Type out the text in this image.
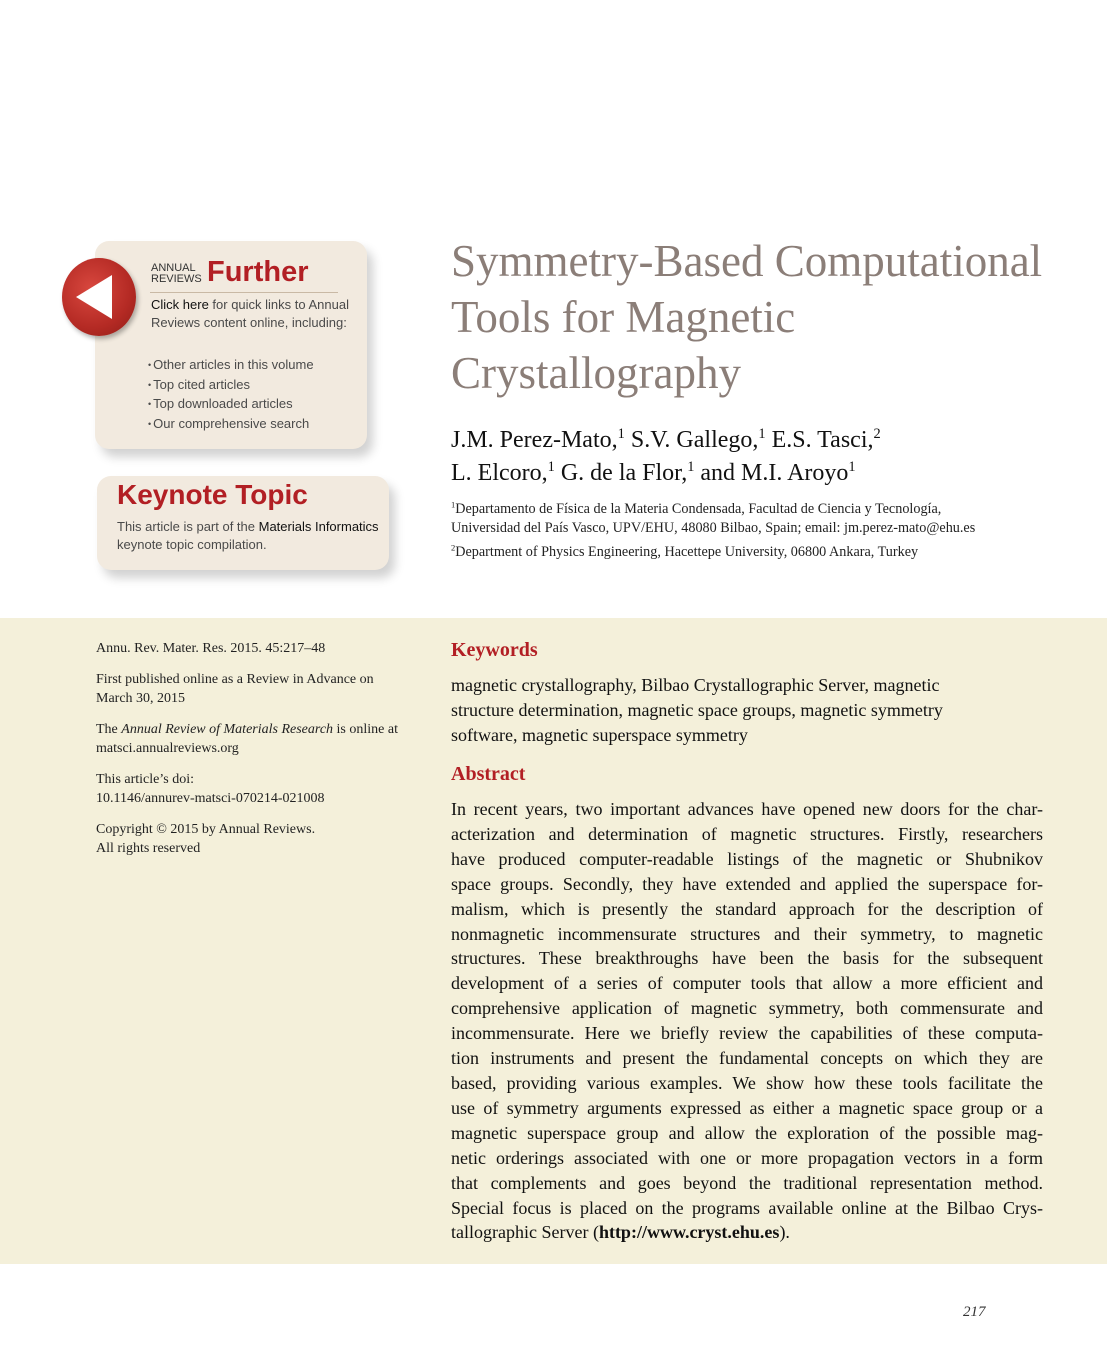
ANNUAL
REVIEWS Further
Click here for quick links to Annual Reviews content online, including:
• Other articles in this volume
• Top cited articles
• Top downloaded articles
• Our comprehensive search
Keynote Topic
This article is part of the Materials Informatics keynote topic compilation.
Symmetry-Based Computational Tools for Magnetic Crystallography
J.M. Perez-Mato,$^1$ S.V. Gallego,$^1$ E.S. Tasci,$^2$
L. Elcoro,$^1$ G. de la Flor,$^1$ and M.I. Aroyo$^1$
$^1$Departamento de Física de la Materia Condensada, Facultad de Ciencia y Tecnología,
Universidad del País Vasco, UPV/EHU, 48080 Bilbao, Spain; email: jm.perez-mato@ehu.es
$^2$Department of Physics Engineering, Hacettepe University, 06800 Ankara, Turkey
Annu. Rev. Mater. Res. 2015. 45:217–48
First published online as a Review in Advance on
March 30, 2015
The Annual Review of Materials Research is online at
matsci.annualreviews.org
This article’s doi:
10.1146/annurev-matsci-070214-021008
Copyright © 2015 by Annual Reviews.
All rights reserved
Keywords
magnetic crystallography, Bilbao Crystallographic Server, magnetic
structure determination, magnetic space groups, magnetic symmetry
software, magnetic superspace symmetry
Abstract
In recent years, two important advances have opened new doors for the char-
acterization and determination of magnetic structures. Firstly, researchers
have produced computer-readable listings of the magnetic or Shubnikov
space groups. Secondly, they have extended and applied the superspace for-
malism, which is presently the standard approach for the description of
nonmagnetic incommensurate structures and their symmetry, to magnetic
structures. These breakthroughs have been the basis for the subsequent
development of a series of computer tools that allow a more efficient and
comprehensive application of magnetic symmetry, both commensurate and
incommensurate. Here we briefly review the capabilities of these computa-
tion instruments and present the fundamental concepts on which they are
based, providing various examples. We show how these tools facilitate the
use of symmetry arguments expressed as either a magnetic space group or a
magnetic superspace group and allow the exploration of the possible mag-
netic orderings associated with one or more propagation vectors in a form
that complements and goes beyond the traditional representation method.
Special focus is placed on the programs available online at the Bilbao Crys-
tallographic Server (http://www.cryst.ehu.es).
217
